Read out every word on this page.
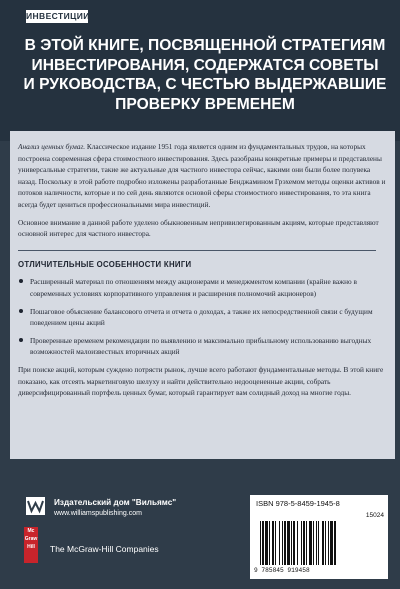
ИНВЕСТИЦИИ
В ЭТОЙ КНИГЕ, ПОСВЯЩЕННОЙ СТРАТЕГИЯМ
ИНВЕСТИРОВАНИЯ, СОДЕРЖАТСЯ СОВЕТЫ
И РУКОВОДСТВА, С ЧЕСТЬЮ ВЫДЕРЖАВШИЕ
ПРОВЕРКУ ВРЕМЕНЕМ

Анализ ценных бумаг. Классическое издание 1951 года является одним из фундаментальных трудов, на которых построена современная сфера стоимостного инвестирования. Здесь разобраны конкретные примеры и представлены универсальные стратегии, такие же актуальные для частного инвестора сейчас, какими они были более полувека назад. Поскольку в этой работе подробно изложены разработанные Бенджамином Грэхемом методы оценки активов и потоков наличности, которые и по сей день являются основой сферы стоимостного инвестирования, то эта книга всегда будет цениться профессиональными мира инвестиций.

Основное внимание в данной работе уделено обыкновенным непривилегированным акциям, которые представляют основной интерес для частного инвестора.

ОТЛИЧИТЕЛЬНЫЕ ОСОБЕННОСТИ КНИГИ
Расширенный материал по отношениям между акционерами и менеджментом компании (крайне важно в современных условиях корпоративного управления и расширения полномочий акционеров)
Пошаговое объяснение балансового отчета и отчета о доходах, а также их непосредственной связи с будущим поведением цены акций
Проверенные временем рекомендации по выявлению и максимально прибыльному использованию выгодных возможностей малоизвестных вторичных акций

При поиске акций, которым суждено потрясти рынок, лучше всего работают фундаментальные методы. В этой книге показано, как отсеять маркетинговую шелуху и найти действительно недооцененные акции, собрать диверсифицированный портфель ценных бумаг, который гарантирует вам солидный доход на многие годы.

Издательский дом "Вильямс"
www.williamspublishing.com
Mc
Graw
Hill	The McGraw-Hill Companies
ISBN 978-5-8459-1945-8
15024
9 785845 919458
